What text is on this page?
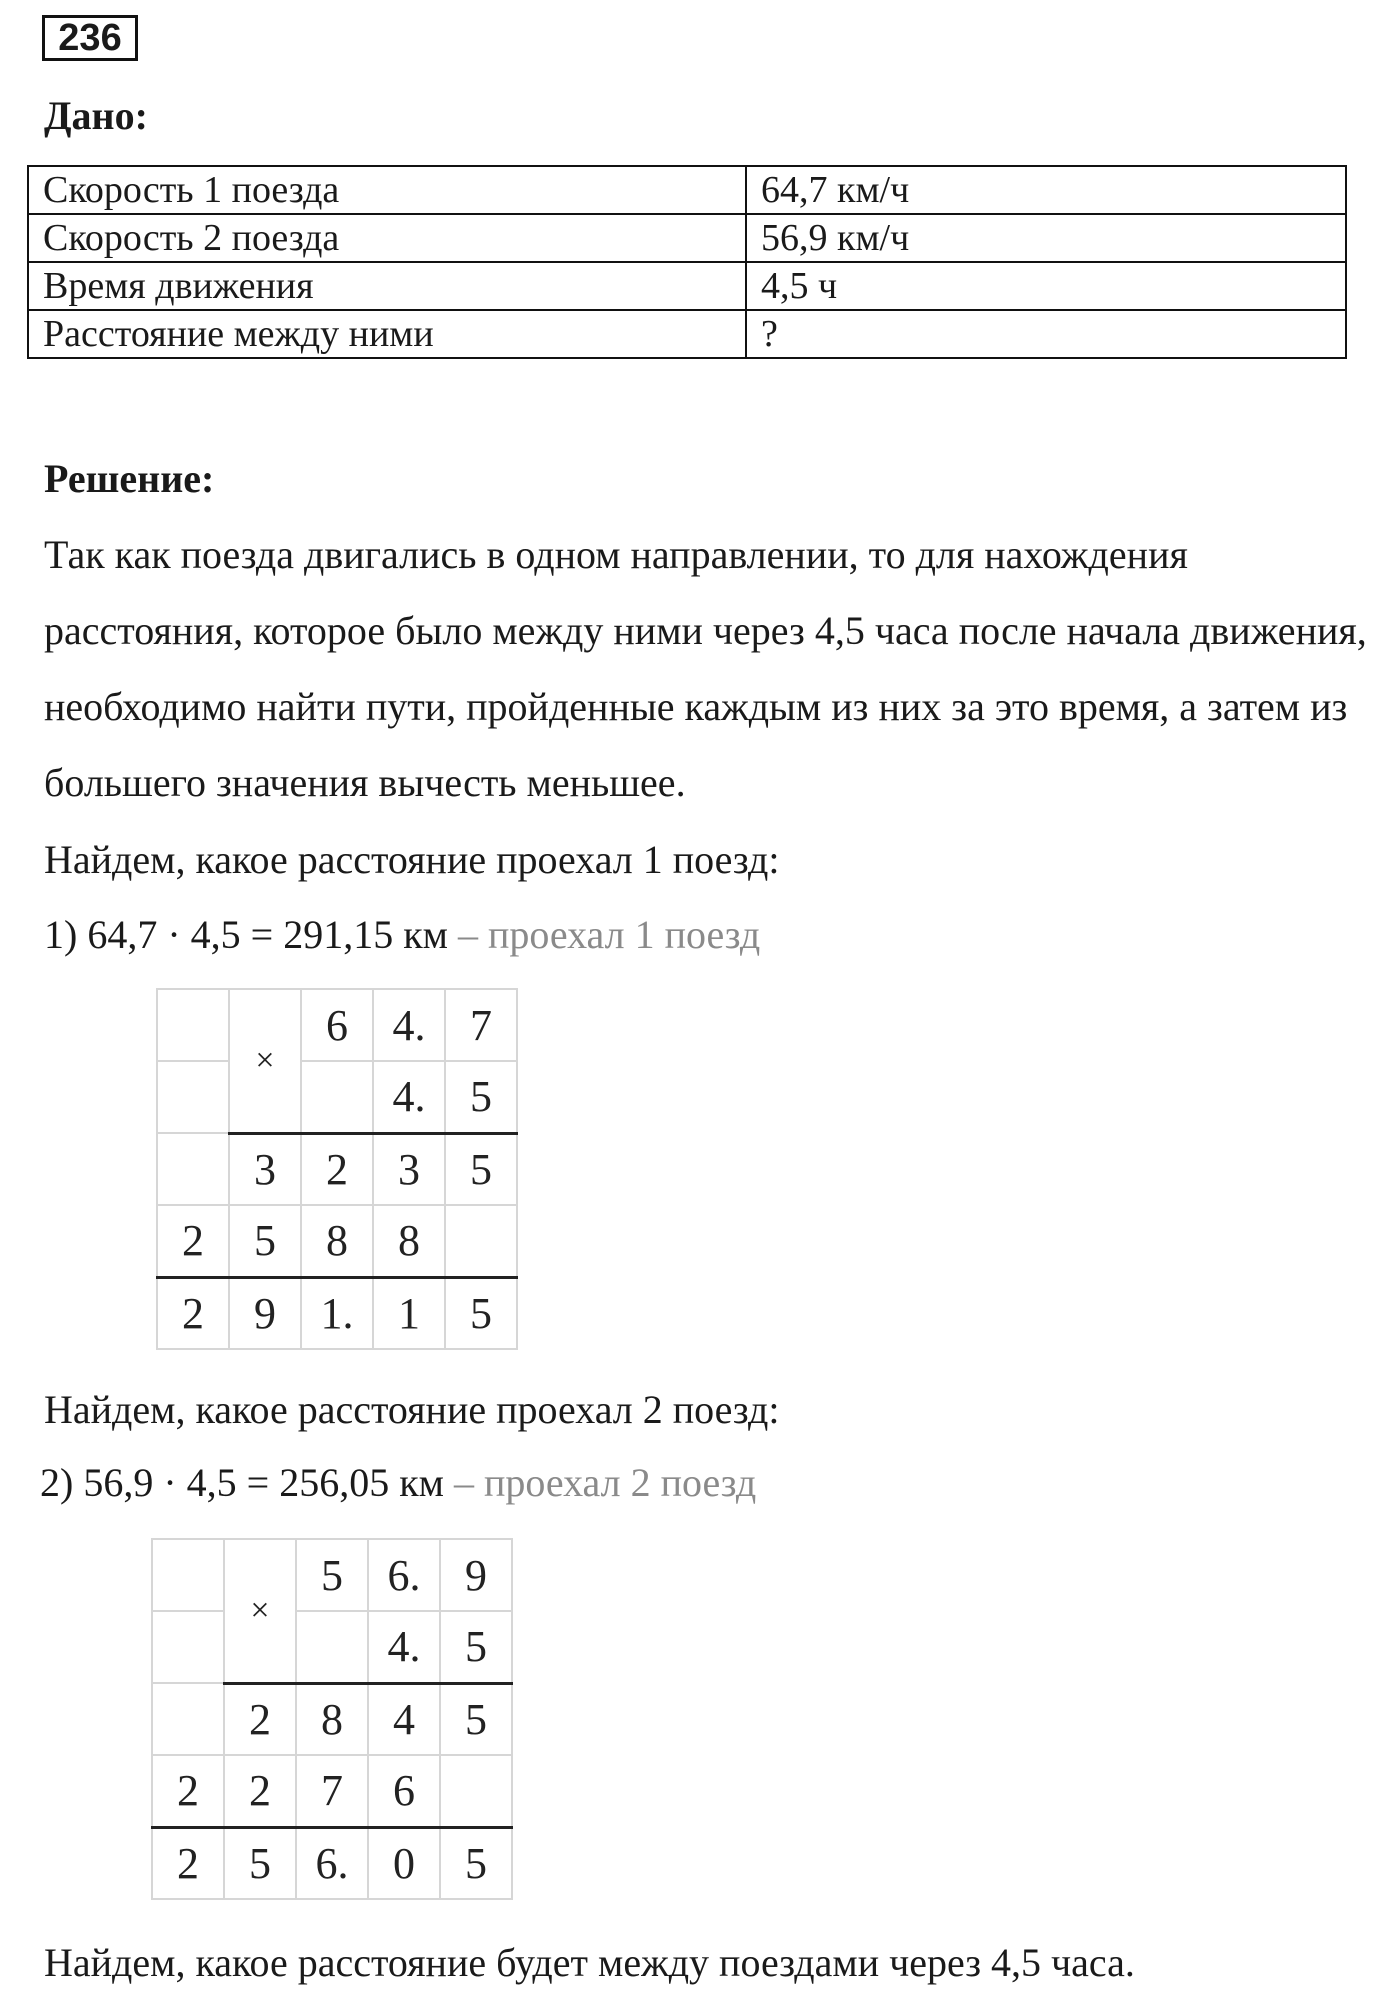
236
Дано:
Скорость 1 поезда	64,7 км/ч
Скорость 2 поезда	56,9 км/ч
Время движения	4,5 ч
Расстояние между ними	?
Решение:
Так как поезда двигались в одном направлении, то для нахождения расстояния, которое было между ними через 4,5 часа после начала движения, необходимо найти пути, пройденные каждым из них за это время, а затем из большего значения вычесть меньшее.
Найдем, какое расстояние проехал 1 поезд:
1) 64,7 · 4,5 = 291,15 км – проехал 1 поезд
	×	6	4.	7
			4.	5
	3	2	3	5
2	5	8	8	
2	9	1.	1	5
Найдем, какое расстояние проехал 2 поезд:
2) 56,9 · 4,5 = 256,05 км – проехал 2 поезд
	×	5	6.	9
			4.	5
	2	8	4	5
2	2	7	6	
2	5	6.	0	5
Найдем, какое расстояние будет между поездами через 4,5 часа.
